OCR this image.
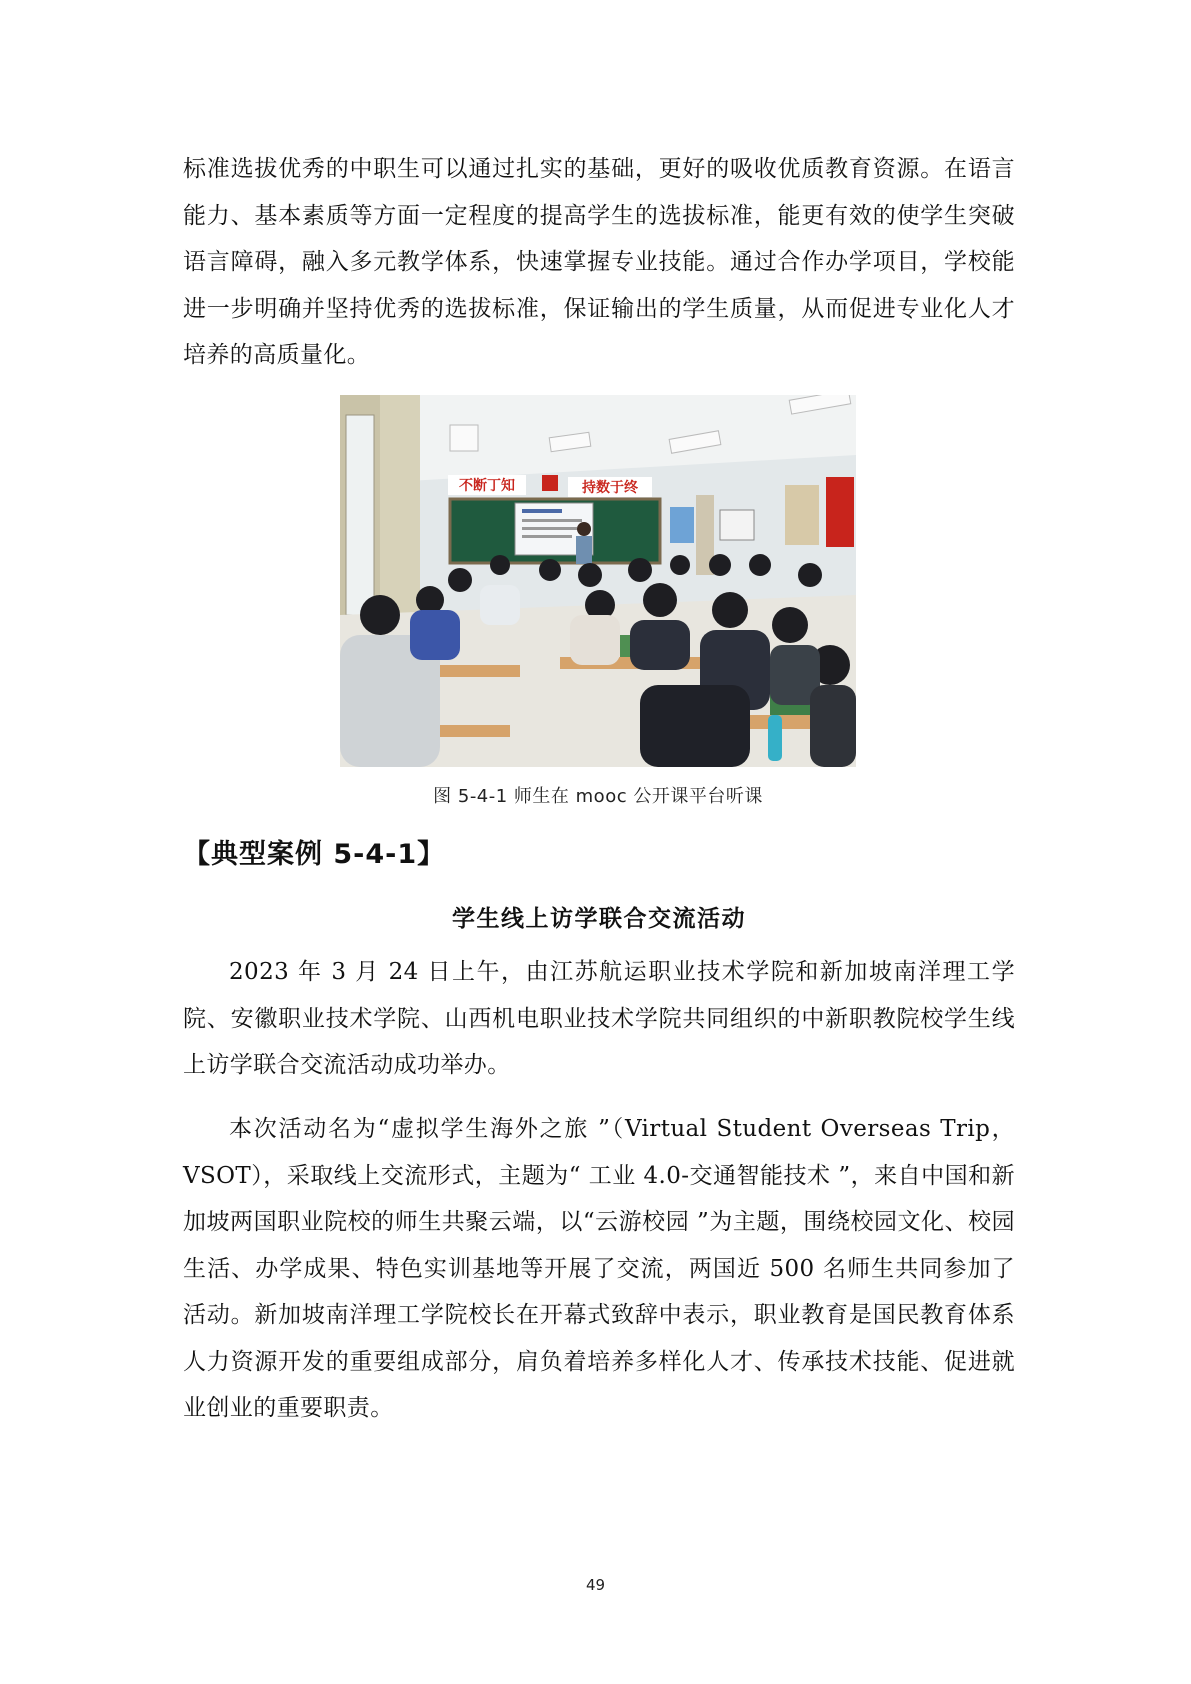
标准选拔优秀的中职生可以通过扎实的基础，更好的吸收优质教育资源。在语言能力、基本素质等方面一定程度的提高学生的选拔标准，能更有效的使学生突破语言障碍，融入多元教学体系，快速掌握专业技能。通过合作办学项目，学校能进一步明确并坚持优秀的选拔标准，保证输出的学生质量，从而促进专业化人才培养的高质量化。

不断丁知	持数于终
图 5-4-1 师生在 mooc 公开课平台听课
【典型案例 5-4-1】
学生线上访学联合交流活动

2023 年 3 月 24 日上午，由江苏航运职业技术学院和新加坡南洋理工学院、安徽职业技术学院、山西机电职业技术学院共同组织的中新职教院校学生线上访学联合交流活动成功举办。

本次活动名为“虚拟学生海外之旅 ”（Virtual Student Overseas Trip，VSOT），采取线上交流形式，主题为“ 工业 4.0-交通智能技术 ”，来自中国和新加坡两国职业院校的师生共聚云端，以“云游校园 ”为主题，围绕校园文化、校园生活、办学成果、特色实训基地等开展了交流，两国近 500 名师生共同参加了活动。新加坡南洋理工学院校长在开幕式致辞中表示，职业教育是国民教育体系人力资源开发的重要组成部分，肩负着培养多样化人才、传承技术技能、促进就业创业的重要职责。

49
